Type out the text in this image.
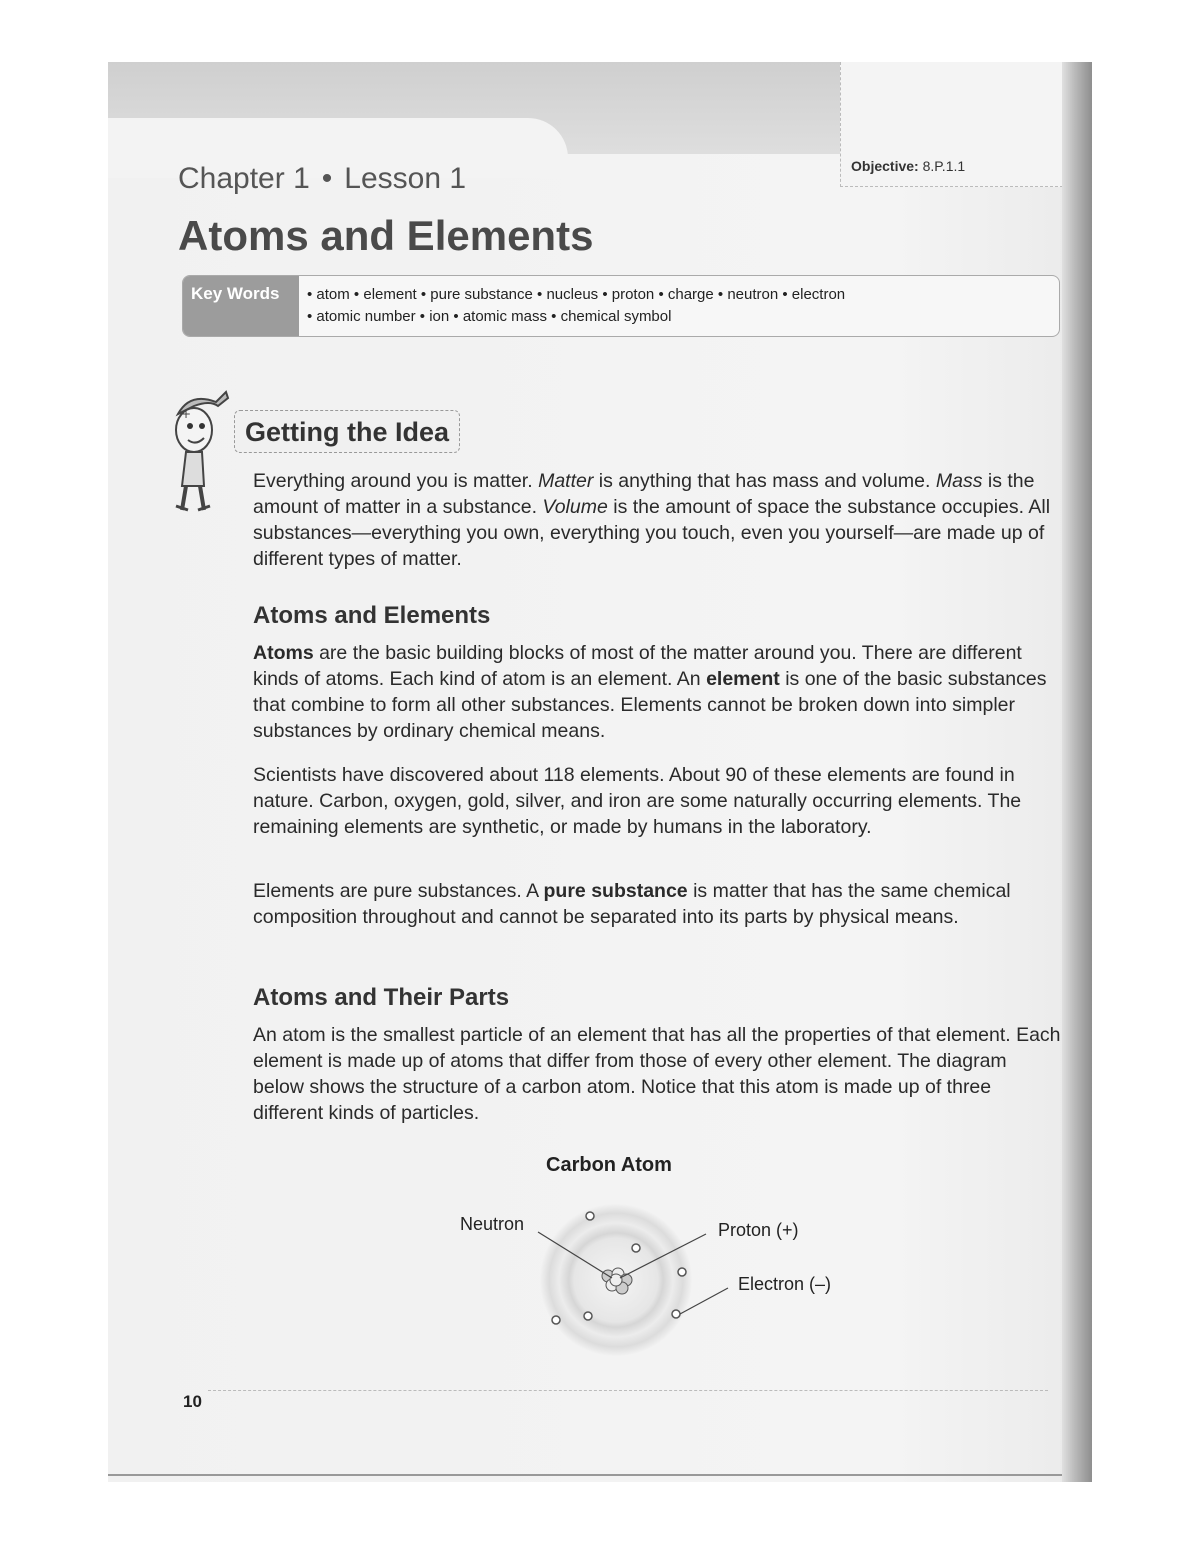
Objective: 8.P.1.1
Chapter 1 • Lesson 1
Atoms and Elements
Key Words	• atom • element • pure substance • nucleus • proton • charge • neutron • electron
• atomic number • ion • atomic mass • chemical symbol
+
Getting the Idea

Everything around you is matter. Matter is anything that has mass and volume. Mass is the amount of matter in a substance. Volume is the amount of space the substance occupies. All substances—everything you own, everything you touch, even you yourself—are made up of different types of matter.

Atoms and Elements

Atoms are the basic building blocks of most of the matter around you. There are different kinds of atoms. Each kind of atom is an element. An element is one of the basic substances that combine to form all other substances. Elements cannot be broken down into simpler substances by ordinary chemical means.

Scientists have discovered about 118 elements. About 90 of these elements are found in nature. Carbon, oxygen, gold, silver, and iron are some naturally occurring elements. The remaining elements are synthetic, or made by humans in the laboratory.

Elements are pure substances. A pure substance is matter that has the same chemical composition throughout and cannot be separated into its parts by physical means.

Atoms and Their Parts

An atom is the smallest particle of an element that has all the properties of that element. Each element is made up of atoms that differ from those of every other element. The diagram below shows the structure of a carbon atom. Notice that this atom is made up of three different kinds of particles.

Carbon Atom
Neutron	Proton (+)
Electron (–)
10
